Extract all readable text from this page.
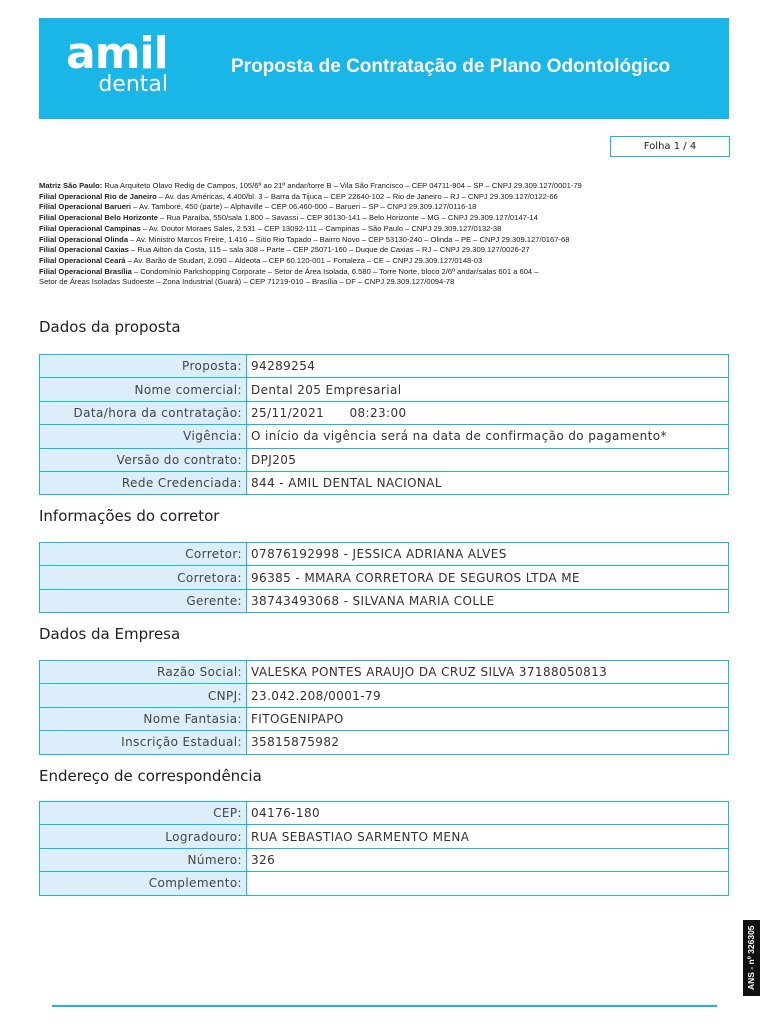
amil
dental
Proposta de Contratação de Plano Odontológico
Folha 1 / 4
Matriz São Paulo: Rua Arquiteto Olavo Redig de Campos, 105/6º ao 21º andar/torre B – Vila São Francisco – CEP 04711-904 – SP – CNPJ 29.309.127/0001-79
Filial Operacional Rio de Janeiro – Av. das Américas, 4.400/bl. 3 – Barra da Tijuca – CEP 22640-102 – Rio de Janeiro – RJ – CNPJ 29.309.127/0122-66
Filial Operacional Barueri – Av. Tamboré, 450 (parte) – Alphaville – CEP 06.460-000 – Barueri – SP – CNPJ 29.309.127/0116-18
Filial Operacional Belo Horizonte – Rua Paraíba, 550/sala 1.800 – Savassi – CEP 30130-141 – Belo Horizonte – MG – CNPJ 29.309.127/0147-14
Filial Operacional Campinas – Av. Doutor Moraes Sales, 2.531 – CEP 13092-111 – Campinas – São Paulo – CNPJ 29.309.127/0132-38
Filial Operacional Olinda – Av. Ministro Marcos Freire, 1.416 – Sítio Rio Tapado – Bairro Novo – CEP 53130-240 – Olinda – PE – CNPJ 29.309.127/0167-68
Filial Operacional Caxias – Rua Ailton da Costa, 115 – sala 308 – Parte – CEP 25071-160 – Duque de Caxias – RJ – CNPJ 29.309.127/0026-27
Filial Operacional Ceará – Av. Barão de Studart, 2.090 – Aldeota – CEP 60.120-001 – Fortaleza – CE – CNPJ 29.309.127/0148-03
Filial Operacional Brasília – Condomínio Parkshopping Corporate – Setor de Área Isolada, 6.580 – Torre Norte, bloco 2/6º andar/salas 601 a 604 –
Setor de Áreas Isoladas Sudoeste – Zona Industrial (Guará) – CEP 71219-010 – Brasília – DF – CNPJ 29.309.127/0094-78
Dados da proposta
Proposta:	94289254
Nome comercial:	Dental 205 Empresarial
Data/hora da contratação:	25/11/2021      08:23:00
Vigência:	O início da vigência será na data de confirmação do pagamento*
Versão do contrato:	DPJ205
Rede Credenciada:	844 - AMIL DENTAL NACIONAL
Informações do corretor
Corretor:	07876192998 - JESSICA ADRIANA ALVES
Corretora:	96385 - MMARA CORRETORA DE SEGUROS LTDA ME
Gerente:	38743493068 - SILVANA MARIA COLLE
Dados da Empresa
Razão Social:	VALESKA PONTES ARAUJO DA CRUZ SILVA 37188050813
CNPJ:	23.042.208/0001-79
Nome Fantasia:	FITOGENIPAPO
Inscrição Estadual:	35815875982
Endereço de correspondência
CEP:	04176-180
Logradouro:	RUA SEBASTIAO SARMENTO MENA
Número:	326
Complemento:	
ANS - nº 326305
